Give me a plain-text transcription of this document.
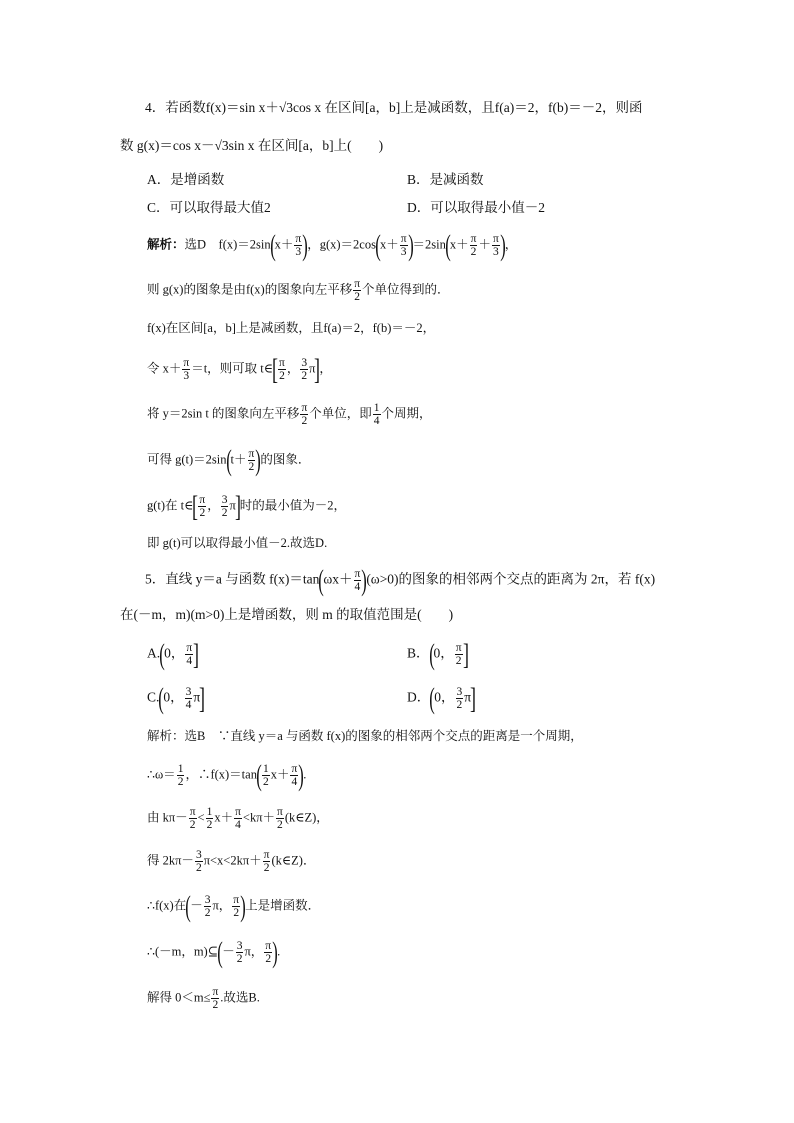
4．若函数f(x)＝sin x＋√3cos x 在区间[a，b]上是减函数，且f(a)＝2，f(b)＝－2，则函
数 g(x)＝cos x－√3sin x 在区间[a，b]上(　　)
A．是增函数	B．是减函数
C．可以取得最大值2	D．可以取得最小值－2
解析：选D　$f(x)=2\sin(x+ \frac{\pi}{3}$ )，$g(x)=2\cos(x+ \frac{\pi}{3} )=2\sin(x+ \frac{\pi}{2} + \frac{\pi}{3}$ )，
则 g(x)的图象是由f(x)的图象向左平移 $\frac{\pi}{2}$ 个单位得到的．
f(x)在区间[a，b]上是减函数，且f(a)＝2，f(b)＝－2，
令 $x+ \frac{\pi}{3} =t$，则可取 t∈[ $\frac{\pi}{2}$ ， $\frac{3}{2} \pi$]，
将 y＝2sin t 的图象向左平移 $\frac{\pi}{2}$ 个单位，即 $\frac{1}{4}$ 个周期，
可得 $g(t)=2\sin(t+ \frac{\pi}{2}$ )的图象．
g(t)在 t∈[ $\frac{\pi}{2}$ ， $\frac{3}{2} \pi$]时的最小值为－2，
即 g(t)可以取得最小值－2.故选D.
5．直线 y＝a 与函数 $f(x)=\tan(\omega x+ \frac{\pi}{4} )(\omega>0)$的图象的相邻两个交点的距离为 2π，若 f(x)
在(－m，m)(m>0)上是增函数，则 m 的取值范围是(　　)
A.(0， $\frac{\pi}{4}$ ]	B．(0， $\frac{\pi}{2}$ ]
C.(0， $\frac{3}{4} \pi$]	D．(0， $\frac{3}{2} \pi$]
解析：选B　∵直线 y＝a 与函数 f(x)的图象的相邻两个交点的距离是一个周期，
∴ω＝ $\frac{1}{2}$ ，∴f(x)＝tan( $\frac{1}{2} x+ \frac{\pi}{4}$ ).
由 $k\pi- \frac{\pi}{2} < \frac{1}{2} x+ \frac{\pi}{4} <k\pi+ \frac{\pi}{2}$ (k∈Z)，
得 $2k\pi- \frac{3}{2} \pi<x<2k\pi+ \frac{\pi}{2}$ (k∈Z)．
∴f(x)在(－ $\frac{3}{2}$ π， $\frac{\pi}{2}$ )上是增函数．
∴(－m，m)⊆(－ $\frac{3}{2}$ π， $\frac{\pi}{2}$ ).
解得 $0<m\le \frac{\pi}{2}$ .故选B.
